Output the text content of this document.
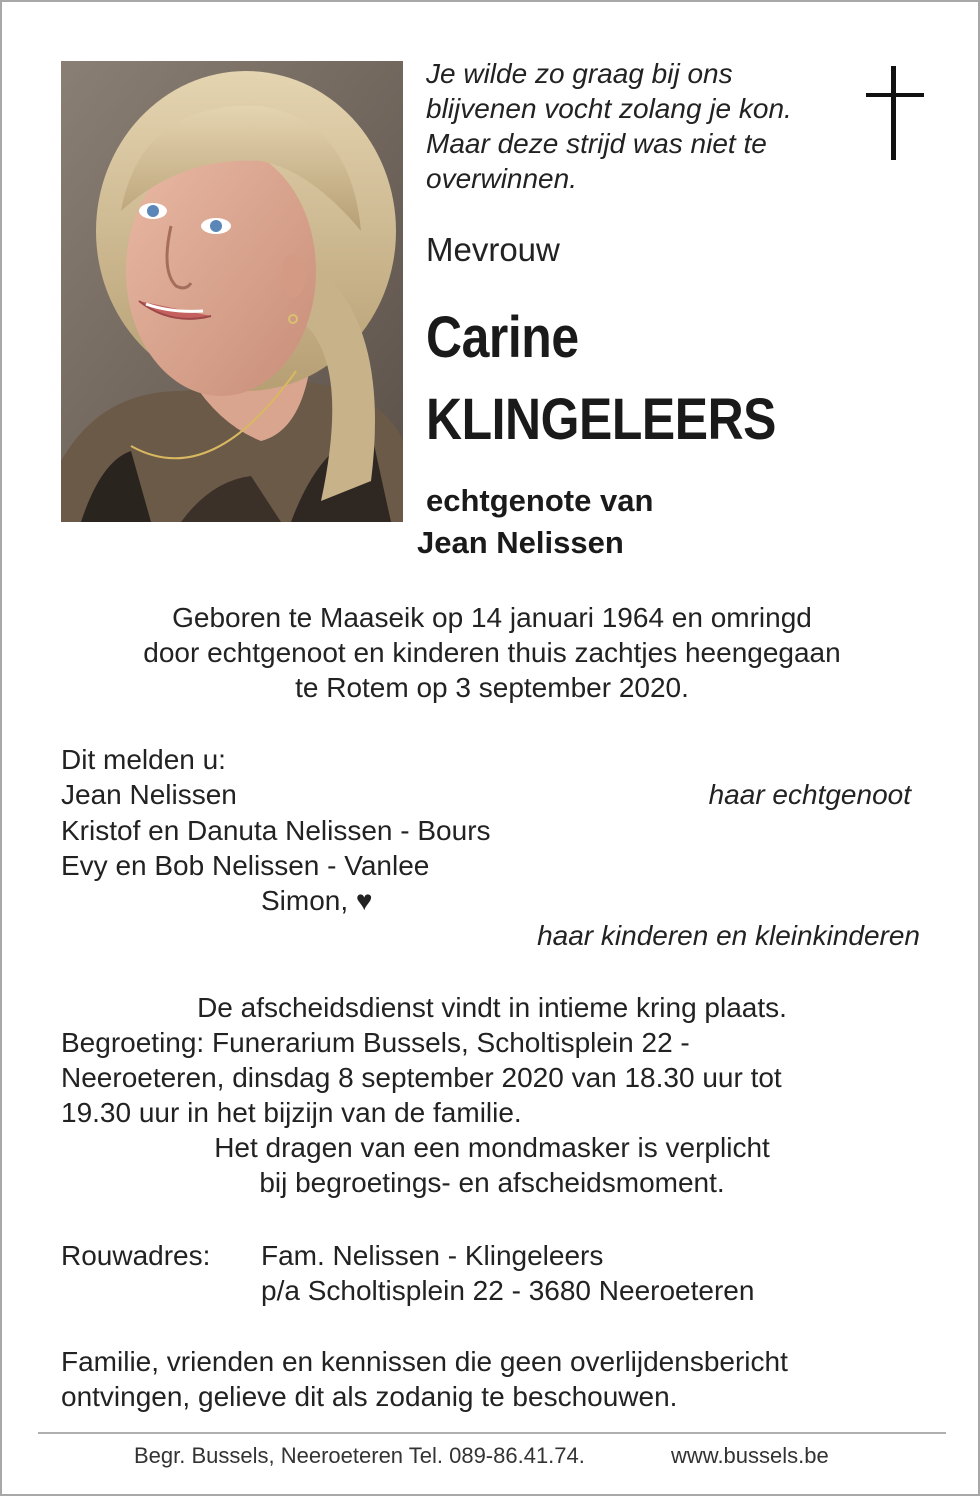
Je wilde zo graag bij ons
blijvenen vocht zolang je kon.
Maar deze strijd was niet te
overwinnen.

Mevrouw

Carine

KLINGELEERS

echtgenote van

Jean Nelissen

Geboren te Maaseik op 14 januari 1964 en omringd
door echtgenoot en kinderen thuis zachtjes heengegaan
te Rotem op 3 september 2020.

Dit melden u:

Jean Nelissen	haar echtgenoot

Kristof en Danuta Nelissen - Bours

Evy en Bob Nelissen - Vanlee

Simon, ♥

haar kinderen en kleinkinderen

De afscheidsdienst vindt in intieme kring plaats.
Begroeting: Funerarium Bussels, Scholtisplein 22 -
Neeroeteren, dinsdag 8 september 2020 van 18.30 uur tot
19.30 uur in het bijzijn van de familie.
Het dragen van een mondmasker is verplicht
bij begroetings- en afscheidsmoment.

Rouwadres: Fam. Nelissen - Klingeleers

p/a Scholtisplein 22 - 3680 Neeroeteren

Familie, vrienden en kennissen die geen overlijdensbericht

ontvingen, gelieve dit als zodanig te beschouwen.

Begr. Bussels, Neeroeteren Tel. 089-86.41.74.	www.bussels.be
